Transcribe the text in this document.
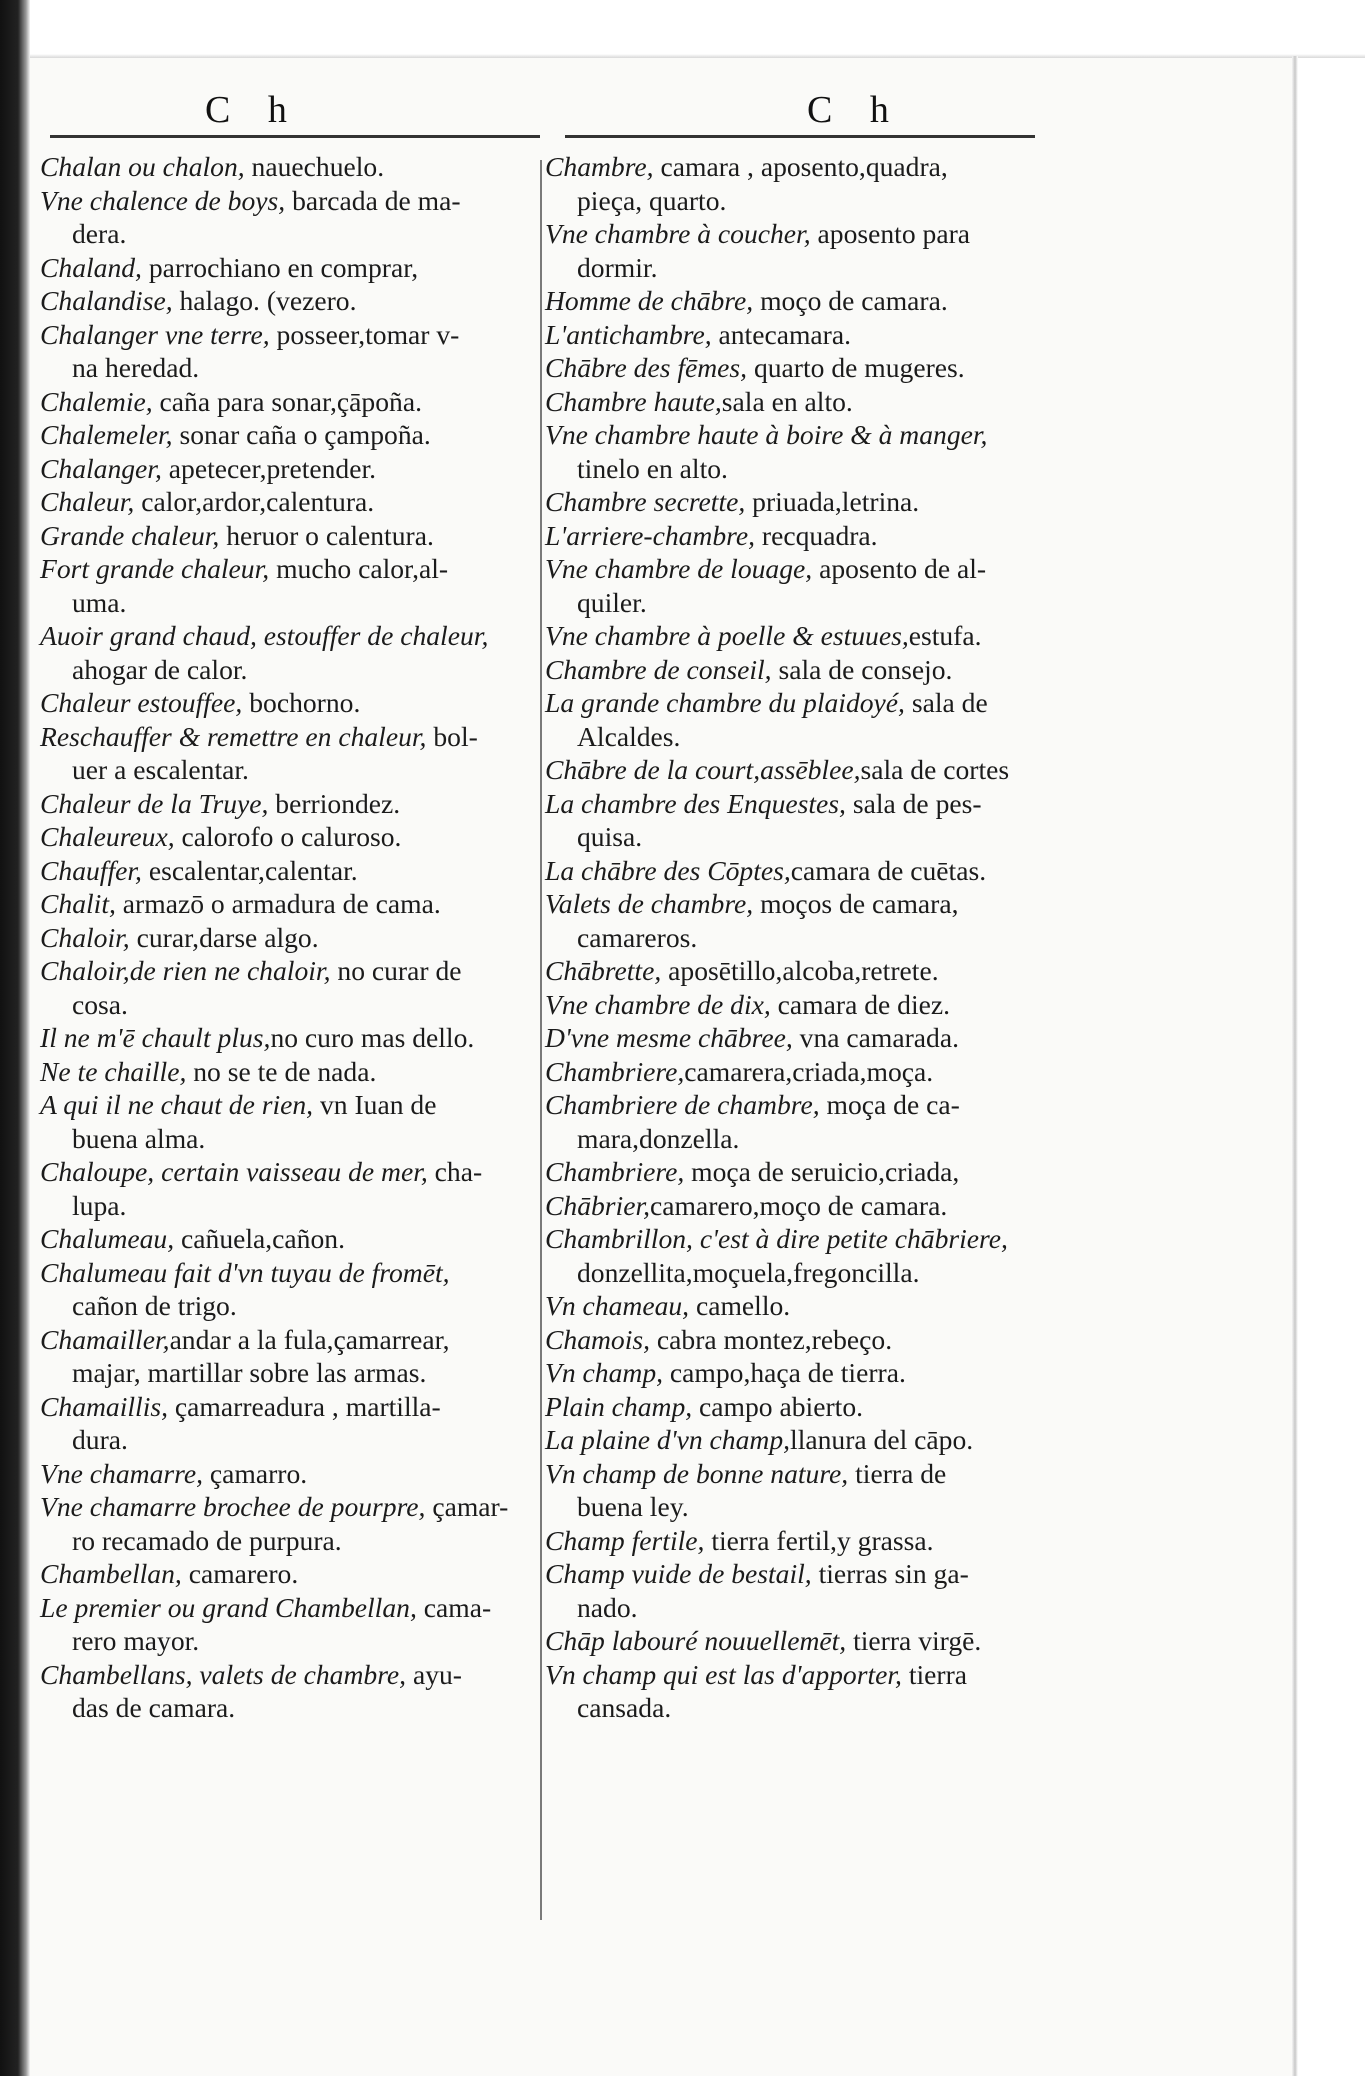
C h	C h
Chalan ou chalon, nauechuelo.
Vne chalence de boys, barcada de ma-
dera.
Chaland, parrochiano en comprar,
Chalandise, halago. (vezero.
Chalanger vne terre, posseer,tomar v-
na heredad.
Chalemie, caña para sonar,çāpoña.
Chalemeler, sonar caña o çampoña.
Chalanger, apetecer,pretender.
Chaleur, calor,ardor,calentura.
Grande chaleur, heruor o calentura.
Fort grande chaleur, mucho calor,al-
uma.
Auoir grand chaud, estouffer de chaleur,
ahogar de calor.
Chaleur estouffee, bochorno.
Reschauffer & remettre en chaleur, bol-
uer a escalentar.
Chaleur de la Truye, berriondez.
Chaleureux, calorofo o caluroso.
Chauffer, escalentar,calentar.
Chalit, armazō o armadura de cama.
Chaloir, curar,darse algo.
Chaloir,de rien ne chaloir, no curar de
cosa.
Il ne m'ē chault plus,no curo mas dello.
Ne te chaille, no se te de nada.
A qui il ne chaut de rien, vn Iuan de
buena alma.
Chaloupe, certain vaisseau de mer, cha-
lupa.
Chalumeau, cañuela,cañon.
Chalumeau fait d'vn tuyau de fromēt,
cañon de trigo.
Chamailler,andar a la fula,çamarrear,
majar, martillar sobre las armas.
Chamaillis, çamarreadura , martilla-
dura.
Vne chamarre, çamarro.
Vne chamarre brochee de pourpre, çamar-
ro recamado de purpura.
Chambellan, camarero.
Le premier ou grand Chambellan, cama-
rero mayor.
Chambellans, valets de chambre, ayu-
das de camara.
Chambre, camara , aposento,quadra,
pieça, quarto.
Vne chambre à coucher, aposento para
dormir.
Homme de chābre, moço de camara.
L'antichambre, antecamara.
Chābre des fēmes, quarto de mugeres.
Chambre haute,sala en alto.
Vne chambre haute à boire & à manger,
tinelo en alto.
Chambre secrette, priuada,letrina.
L'arriere-chambre, recquadra.
Vne chambre de louage, aposento de al-
quiler.
Vne chambre à poelle & estuues,estufa.
Chambre de conseil, sala de consejo.
La grande chambre du plaidoyé, sala de
Alcaldes.
Chābre de la court,assēblee,sala de cortes
La chambre des Enquestes, sala de pes-
quisa.
La chābre des Cōptes,camara de cuētas.
Valets de chambre, moços de camara,
camareros.
Chābrette, aposētillo,alcoba,retrete.
Vne chambre de dix, camara de diez.
D'vne mesme chābree, vna camarada.
Chambriere,camarera,criada,moça.
Chambriere de chambre, moça de ca-
mara,donzella.
Chambriere, moça de seruicio,criada,
Chābrier,camarero,moço de camara.
Chambrillon, c'est à dire petite chābriere,
donzellita,moçuela,fregoncilla.
Vn chameau, camello.
Chamois, cabra montez,rebeço.
Vn champ, campo,haça de tierra.
Plain champ, campo abierto.
La plaine d'vn champ,llanura del cāpo.
Vn champ de bonne nature, tierra de
buena ley.
Champ fertile, tierra fertil,y grassa.
Champ vuide de bestail, tierras sin ga-
nado.
Chāp labouré nouuellemēt, tierra virgē.
Vn champ qui est las d'apporter, tierra
cansada.
